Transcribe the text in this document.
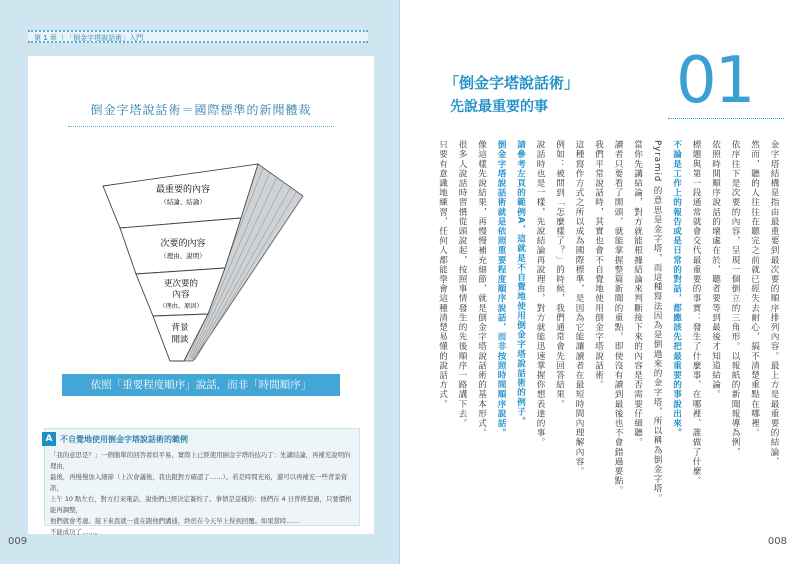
第 1 章 ｜「倒金字塔說話術」入門
倒金字塔說話術＝國際標準的新聞體裁
最重要的內容
（結論、結論）
次要的內容
（理由、說明）
更次要的
內容
（理由、原因）
背景
閒談
依照「重要程度順序」說話，而非「時間順序」
A 不自覺地使用倒金字塔說話術的範例
「我的意思是？」一個簡單的回答看似平易，實際上已經使用倒金字塔的技巧了：先講結論，再補充說明的理由，
最後，再慢慢加入細節（上次會議後，我也跟對方確認了……）。若是時間充裕，還可以再補充一些背景資訊，
上午 10 點左右，對方打來電話，說他們已經決定簽約了。事情是這樣的：他們在 4 日曾經提過，只要價格能再調整，
他們就會考慮。接下來我就一直在跟他們溝通，終於在今天早上得到回覆。如果當時……
不能成功了……。
009
01
「倒金字塔說話術」
先說最重要的事
金字塔結構是指由最重要到最次要的順序排列內容。最上方是最重要的結論，
依序往下是次要的內容，呈現一個倒立的三角形。以報紙的新聞報導為例，
標題與第一段通常就會交代最重要的事實：發生了什麼事、在哪裡、誰做了什麼。
Pyramid 的意思是金字塔，而這種寫法因為是倒過來的金字塔，所以稱為倒金字塔。
讀者只要看了開頭，就能掌握整篇新聞的重點，即使沒有讀到最後也不會錯過要點。
這種寫作方式之所以成為國際標準，是因為它能讓讀者在最短時間內理解內容。
說話時也是一樣，先說結論再說理由，對方就能迅速掌握你想表達的事。
倒金字塔說話術就是依照重要程度順序說話，而非按照時間順序說話。
很多人說話時習慣從頭說起，按照事情發生的先後順序一路講下去。	然而，聽的人往往在聽完之前就已經失去耐心，搞不清楚重點在哪裡。
依照時間順序說話的壞處在於，聽者要等到最後才知道結論。
不論是工作上的報告或是日常的對話，都應該先把最重要的事說出來。
當你先講結論，對方就能根據結論來判斷接下來的內容是否需要仔細聽。
我們平常說話時，其實也會不自覺地使用倒金字塔說話術。
例如：被問到「怎麼樣了？」的時候，我們通常會先回答結果。
請參考左頁的範例A，這就是不自覺地使用倒金字塔說話術的例子。
像這樣先說結果，再慢慢補充細節，就是倒金字塔說話術的基本形式。
只要有意識地練習，任何人都能學會這種清楚易懂的說話方式。
008
